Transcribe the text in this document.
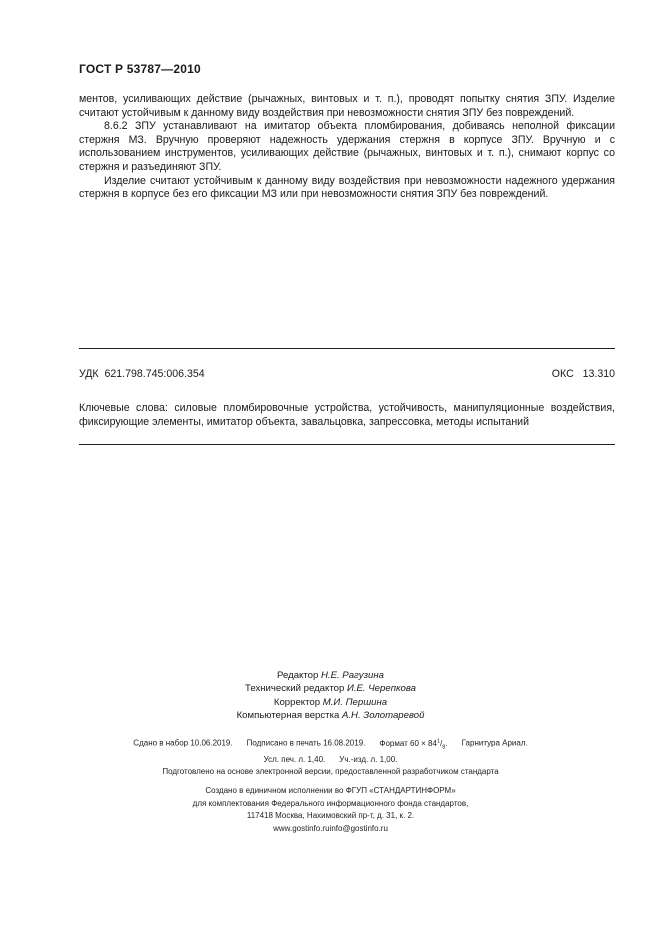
ГОСТ Р 53787—2010

ментов, усиливающих действие (рычажных, винтовых и т. п.), проводят попытку снятия ЗПУ. Изделие считают устойчивым к данному виду воздействия при невозможности снятия ЗПУ без повреждений.

8.6.2 ЗПУ устанавливают на имитатор объекта пломбирования, добиваясь неполной фиксации стержня МЗ. Вручную проверяют надежность удержания стержня в корпусе ЗПУ. Вручную и с использованием инструментов, усиливающих действие (рычажных, винтовых и т. п.), снимают корпус со стержня и разъединяют ЗПУ.

Изделие считают устойчивым к данному виду воздействия при невозможности надежного удержания стержня в корпусе без его фиксации МЗ или при невозможности снятия ЗПУ без повреждений.

УДК 621.798.745:006.354	ОКС 13.310
Ключевые слова: силовые пломбировочные устройства, устойчивость, манипуляционные воздействия, фиксирующие элементы, имитатор объекта, завальцовка, запрессовка, методы испытаний
Редактор Н.Е. Рагузина
Технический редактор И.Е. Черепкова
Корректор М.И. Першина
Компьютерная верстка А.Н. Золотаревой
Сдано в набор 10.06.2019. Подписано в печать 16.08.2019. Формат $60 \times 84^1/_8$. Гарнитура Ариал.
Усл. печ. л. 1,40. Уч.-изд. л. 1,00.
Подготовлено на основе электронной версии, предоставленной разработчиком стандарта
Создано в единичном исполнении во ФГУП «СТАНДАРТИНФОРМ»
для комплектования Федерального информационного фонда стандартов,
117418 Москва, Нахимовский пр-т, д. 31, к. 2.
www.gostinfo.ruinfo@gostinfo.ru
